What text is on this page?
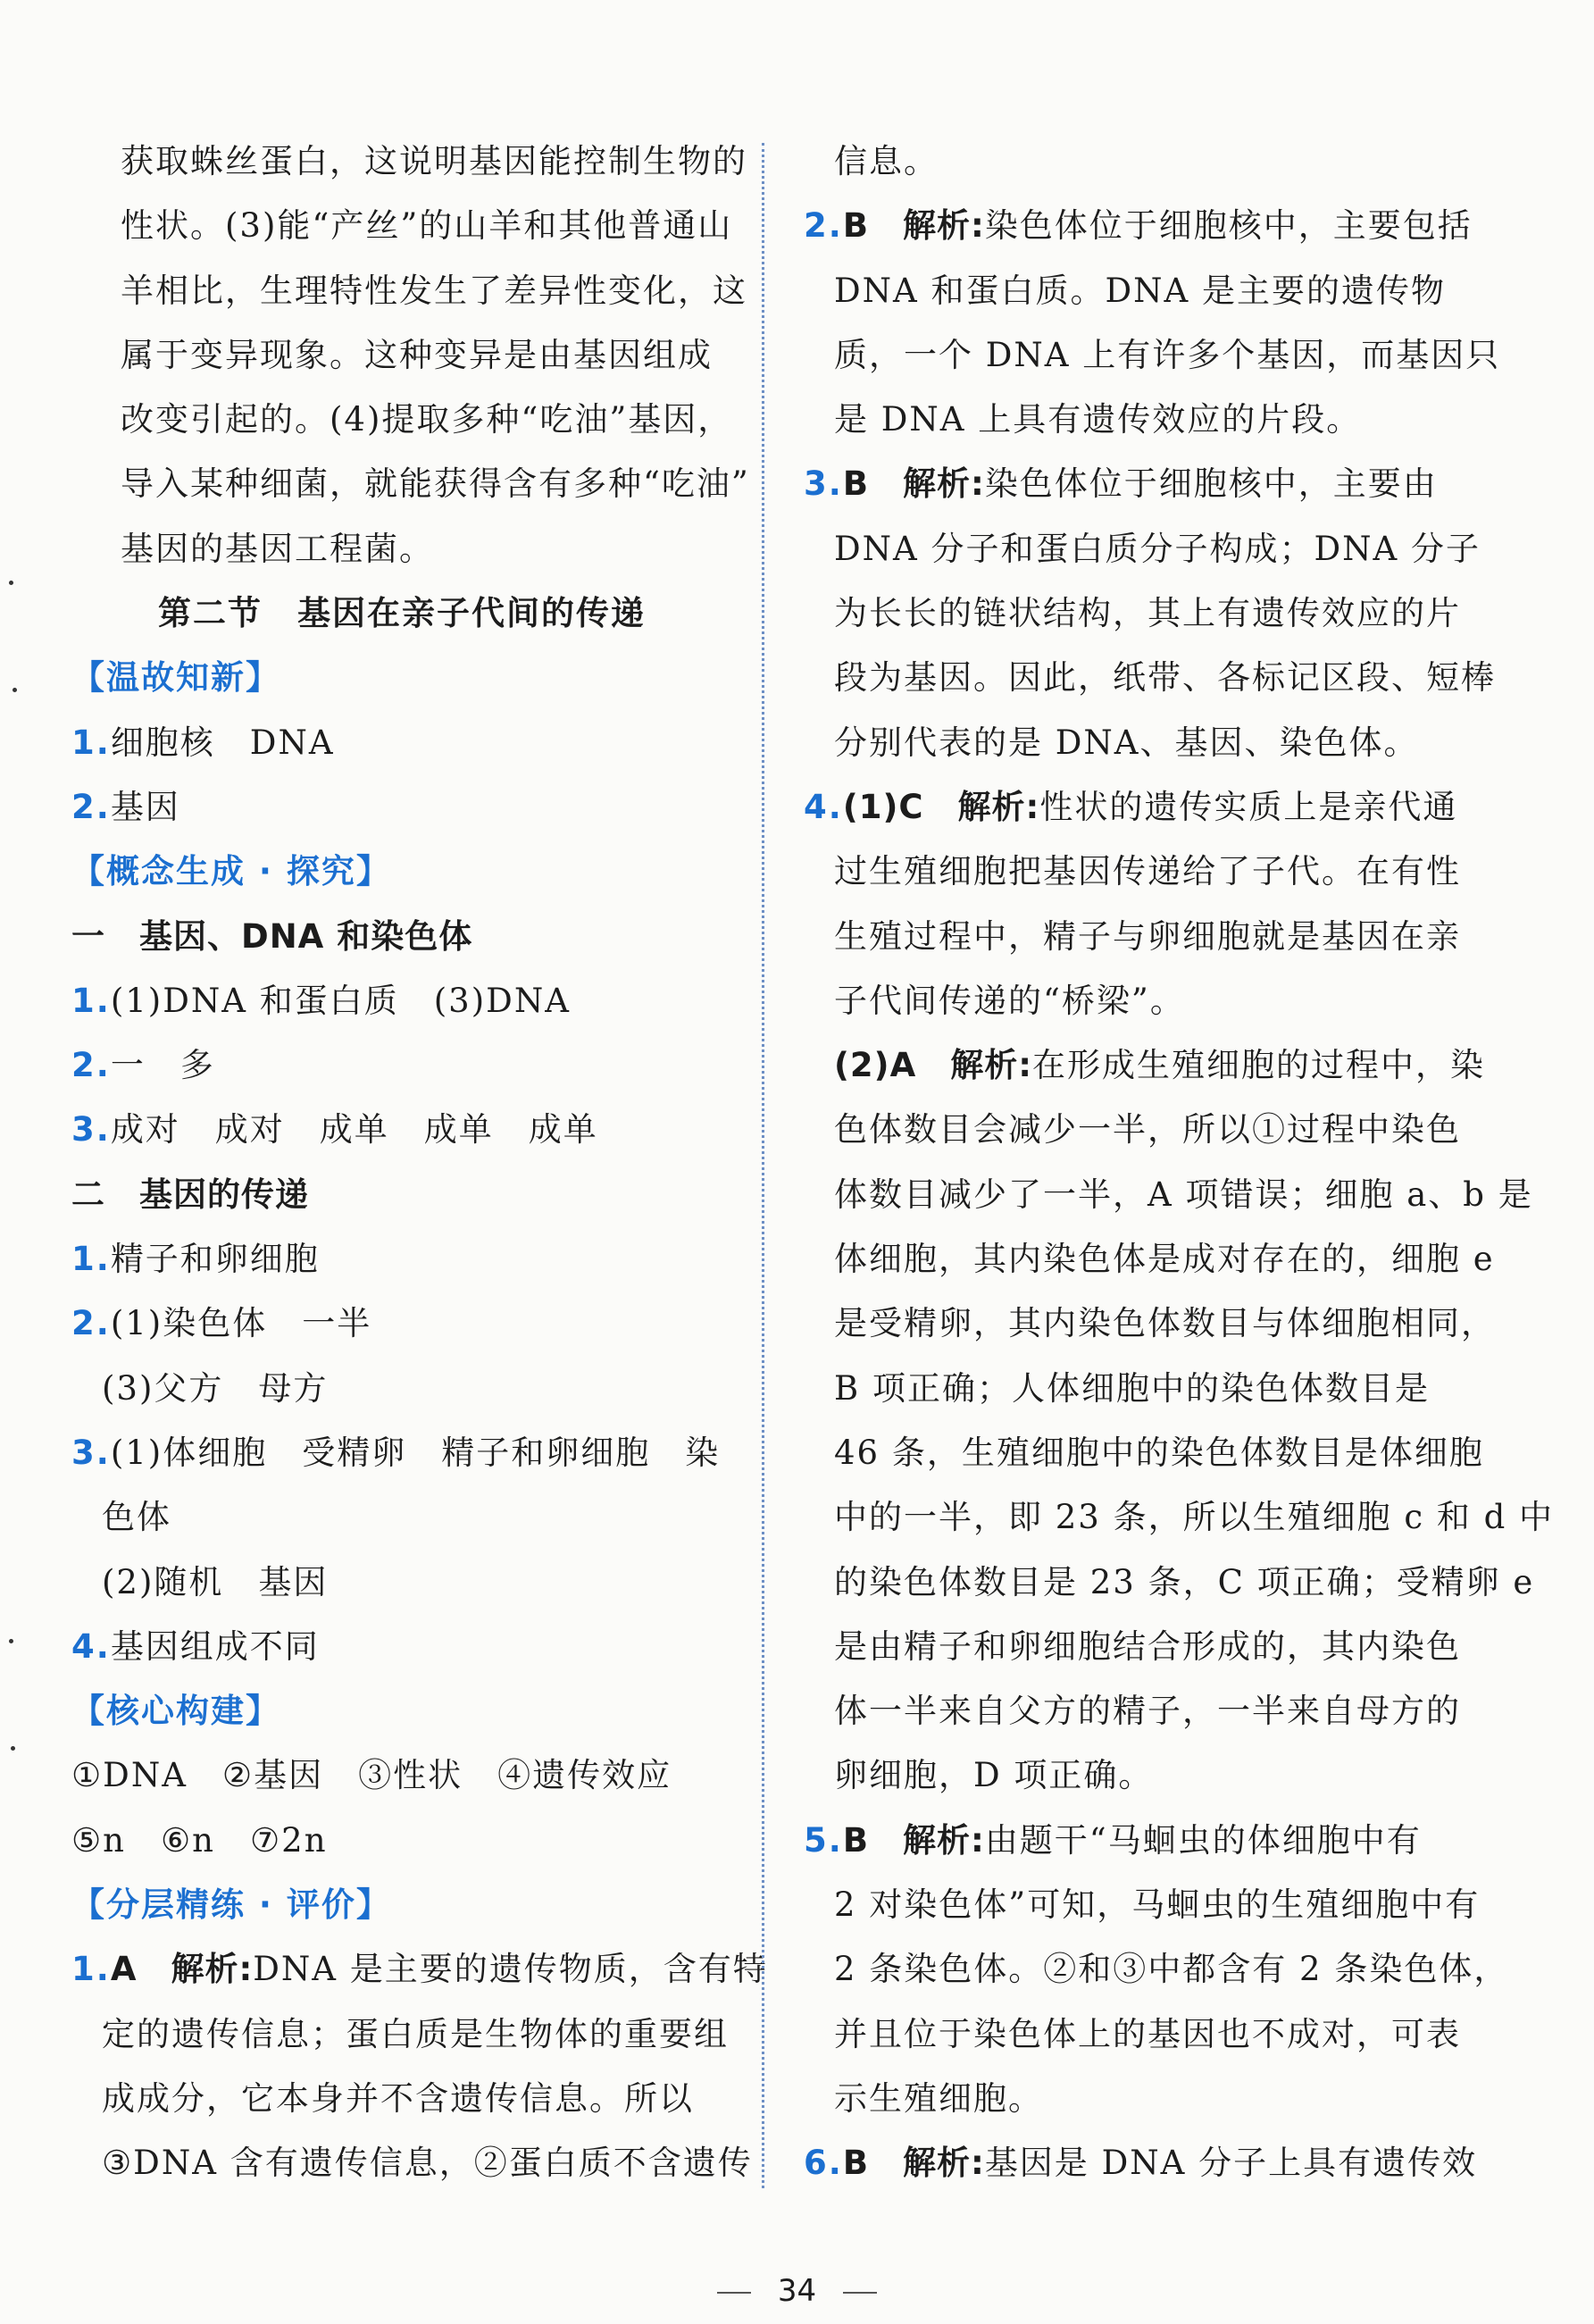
获取蛛丝蛋白，这说明基因能控制生物的
性状。(3)能“产丝”的山羊和其他普通山
羊相比，生理特性发生了差异性变化，这
属于变异现象。这种变异是由基因组成
改变引起的。(4)提取多种“吃油”基因，
导入某种细菌，就能获得含有多种“吃油”
基因的基因工程菌。
第二节　基因在亲子代间的传递
【温故知新】
1.细胞核　DNA
2.基因
【概念生成 · 探究】
一　基因、DNA 和染色体
1.(1)DNA 和蛋白质　(3)DNA
2.一　多
3.成对　成对　成单　成单　成单
二　基因的传递
1.精子和卵细胞
2.(1)染色体　一半
(3)父方　母方
3.(1)体细胞　受精卵　精子和卵细胞　染
色体
(2)随机　基因
4.基因组成不同
【核心构建】
①DNA　②基因　③性状　④遗传效应
⑤n　⑥n　⑦2n
【分层精练 · 评价】
1.A　解析:DNA 是主要的遗传物质，含有特
定的遗传信息；蛋白质是生物体的重要组
成成分，它本身并不含遗传信息。所以
③DNA 含有遗传信息，②蛋白质不含遗传
信息。
2.B　解析:染色体位于细胞核中，主要包括
DNA 和蛋白质。DNA 是主要的遗传物
质，一个 DNA 上有许多个基因，而基因只
是 DNA 上具有遗传效应的片段。
3.B　解析:染色体位于细胞核中，主要由
DNA 分子和蛋白质分子构成；DNA 分子
为长长的链状结构，其上有遗传效应的片
段为基因。因此，纸带、各标记区段、短棒
分别代表的是 DNA、基因、染色体。
4.(1)C　解析:性状的遗传实质上是亲代通
过生殖细胞把基因传递给了子代。在有性
生殖过程中，精子与卵细胞就是基因在亲
子代间传递的“桥梁”。
(2)A　解析:在形成生殖细胞的过程中，染
色体数目会减少一半，所以①过程中染色
体数目减少了一半，A 项错误；细胞 a、b 是
体细胞，其内染色体是成对存在的，细胞 e
是受精卵，其内染色体数目与体细胞相同，
B 项正确；人体细胞中的染色体数目是
46 条，生殖细胞中的染色体数目是体细胞
中的一半，即 23 条，所以生殖细胞 c 和 d 中
的染色体数目是 23 条，C 项正确；受精卵 e
是由精子和卵细胞结合形成的，其内染色
体一半来自父方的精子，一半来自母方的
卵细胞，D 项正确。
5.B　解析:由题干“马蛔虫的体细胞中有
2 对染色体”可知，马蛔虫的生殖细胞中有
2 条染色体。②和③中都含有 2 条染色体，
并且位于染色体上的基因也不成对，可表
示生殖细胞。
6.B　解析:基因是 DNA 分子上具有遗传效
34
